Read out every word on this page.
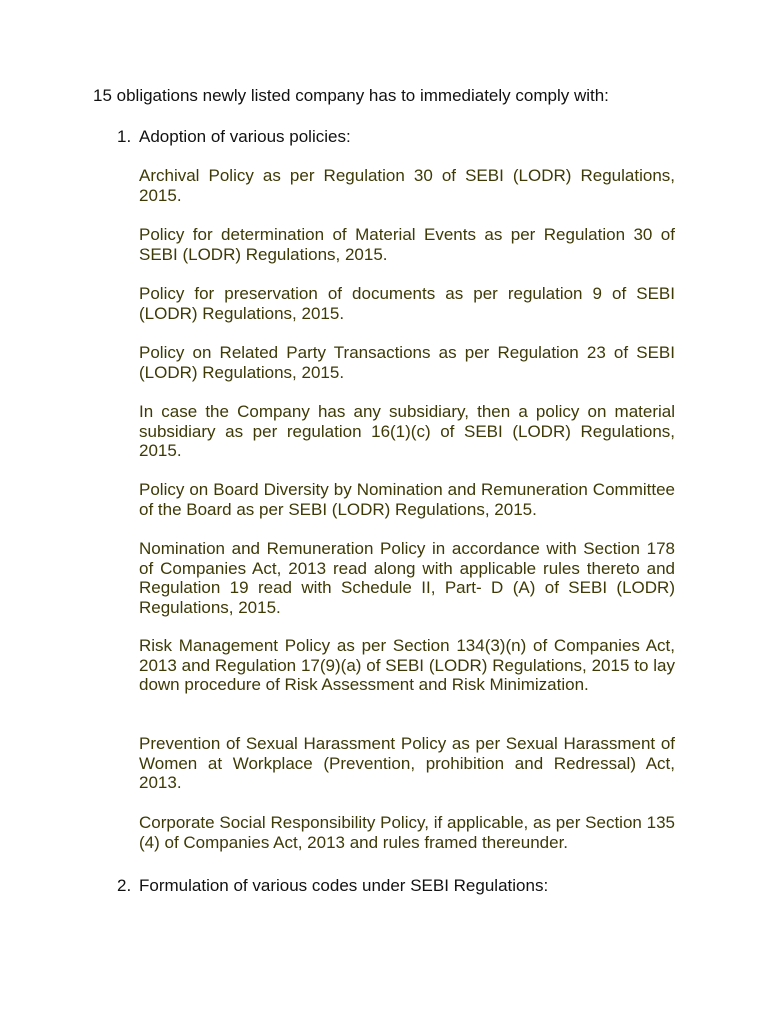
15 obligations newly listed company has to immediately comply with:
1. Adoption of various policies:
Archival Policy as per Regulation 30 of SEBI (LODR) Regulations, 2015.
Policy for determination of Material Events as per Regulation 30 of SEBI (LODR) Regulations, 2015.
Policy for preservation of documents as per regulation 9 of SEBI (LODR) Regulations, 2015.
Policy on Related Party Transactions as per Regulation 23 of SEBI (LODR) Regulations, 2015.
In case the Company has any subsidiary, then a policy on material subsidiary as per regulation 16(1)(c) of SEBI (LODR) Regulations, 2015.
Policy on Board Diversity by Nomination and Remuneration Committee of the Board as per SEBI (LODR) Regulations, 2015.
Nomination and Remuneration Policy in accordance with Section 178 of Companies Act, 2013 read along with applicable rules thereto and Regulation 19 read with Schedule II, Part- D (A) of SEBI (LODR) Regulations, 2015.
Risk Management Policy as per Section 134(3)(n) of Companies Act, 2013 and Regulation 17(9)(a) of SEBI (LODR) Regulations, 2015 to lay down procedure of Risk Assessment and Risk Minimization.
Prevention of Sexual Harassment Policy as per Sexual Harassment of Women at Workplace (Prevention, prohibition and Redressal) Act, 2013.
Corporate Social Responsibility Policy, if applicable, as per Section 135 (4) of Companies Act, 2013 and rules framed thereunder.
2. Formulation of various codes under SEBI Regulations:
